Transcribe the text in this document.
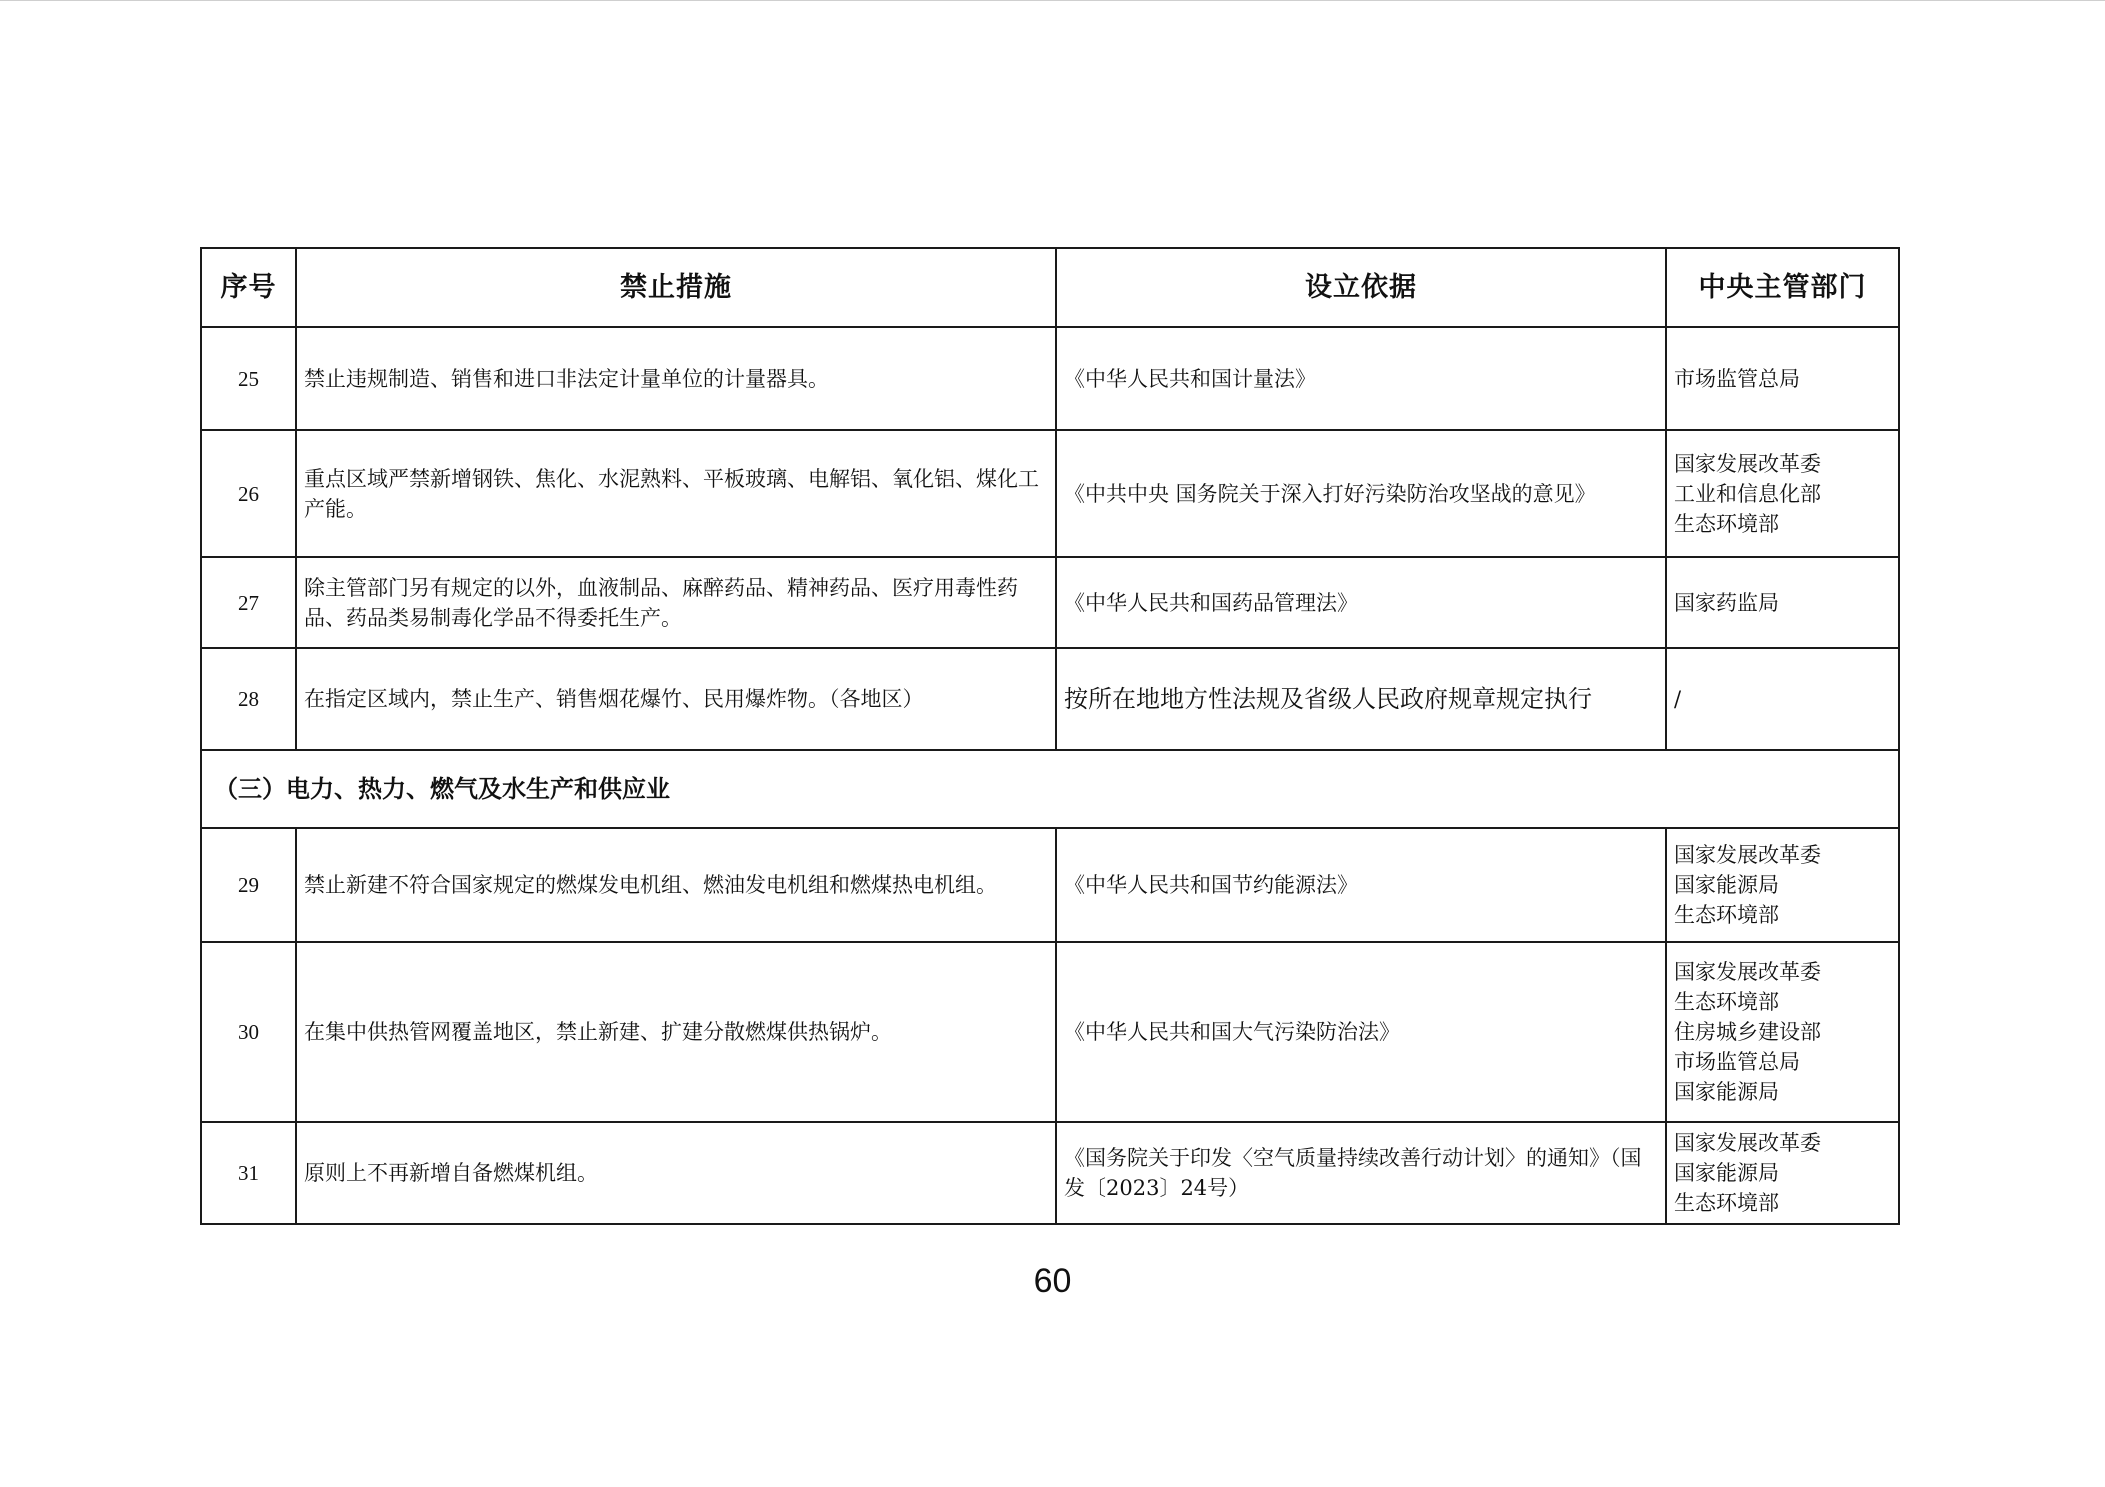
序号	禁止措施	设立依据	中央主管部门
25	禁止违规制造、销售和进口非法定计量单位的计量器具。	《中华人民共和国计量法》	市场监管总局

26	重点区域严禁新增钢铁、焦化、水泥熟料、平板玻璃、电解铝、氧化铝、煤化工产能。	《中共中央 国务院关于深入打好污染防治攻坚战的意见》	国家发展改革委
工业和信息化部
生态环境部

27	除主管部门另有规定的以外，血液制品、麻醉药品、精神药品、医疗用毒性药品、药品类易制毒化学品不得委托生产。	《中华人民共和国药品管理法》	国家药监局

28	在指定区域内，禁止生产、销售烟花爆竹、民用爆炸物。（各地区）	按所在地地方性法规及省级人民政府规章规定执行	/

（三）电力、热力、燃气及水生产和供应业			
29	禁止新建不符合国家规定的燃煤发电机组、燃油发电机组和燃煤热电机组。	《中华人民共和国节约能源法》	国家发展改革委
国家能源局
生态环境部

30	在集中供热管网覆盖地区，禁止新建、扩建分散燃煤供热锅炉。	《中华人民共和国大气污染防治法》	国家发展改革委
生态环境部
住房城乡建设部
市场监管总局
国家能源局

31	原则上不再新增自备燃煤机组。	《国务院关于印发〈空气质量持续改善行动计划〉的通知》（国发〔2023〕24号）	国家发展改革委
国家能源局
生态环境部
60
